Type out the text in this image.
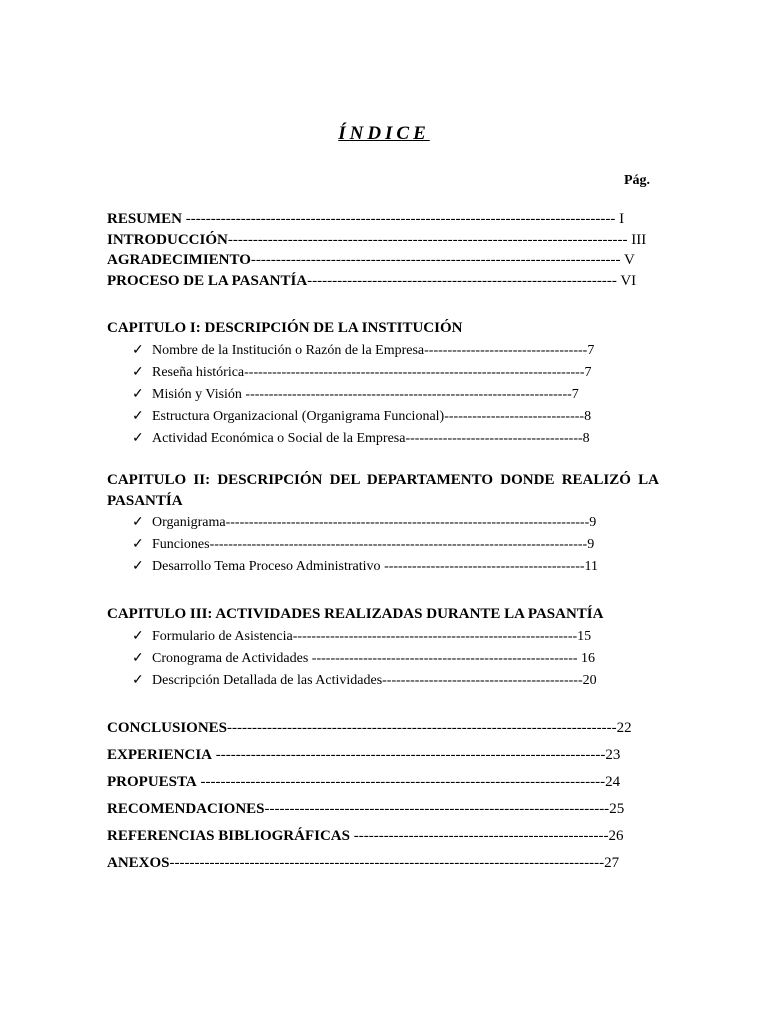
ÍNDICE
Pág.
RESUMEN -------------------------------------------------------------------------------------- I
INTRODUCCIÓN-------------------------------------------------------------------------------- III
AGRADECIMIENTO-------------------------------------------------------------------------- V
PROCESO DE LA PASANTÍA-------------------------------------------------------------- VI
CAPITULO I: DESCRIPCIÓN DE LA INSTITUCIÓN
✓ Nombre de la Institución o Razón de la Empresa-----------------------------------7
✓ Reseña histórica-------------------------------------------------------------------------7
✓ Misión y Visión ----------------------------------------------------------------------7
✓ Estructura Organizacional (Organigrama Funcional)------------------------------8
✓ Actividad Económica o Social de la Empresa--------------------------------------8
CAPITULO II: DESCRIPCIÓN DEL DEPARTAMENTO DONDE REALIZÓ LA
PASANTÍA
✓ Organigrama------------------------------------------------------------------------------9
✓ Funciones---------------------------------------------------------------------------------9
✓ Desarrollo Tema Proceso Administrativo -------------------------------------------11
CAPITULO III: ACTIVIDADES REALIZADAS DURANTE LA PASANTÍA
✓ Formulario de Asistencia-------------------------------------------------------------15
✓ Cronograma de Actividades --------------------------------------------------------- 16
✓ Descripción Detallada de las Actividades-------------------------------------------20
CONCLUSIONES------------------------------------------------------------------------------22
EXPERIENCIA ------------------------------------------------------------------------------23
PROPUESTA ---------------------------------------------------------------------------------24
RECOMENDACIONES---------------------------------------------------------------------25
REFERENCIAS BIBLIOGRÁFICAS ---------------------------------------------------26
ANEXOS---------------------------------------------------------------------------------------27
